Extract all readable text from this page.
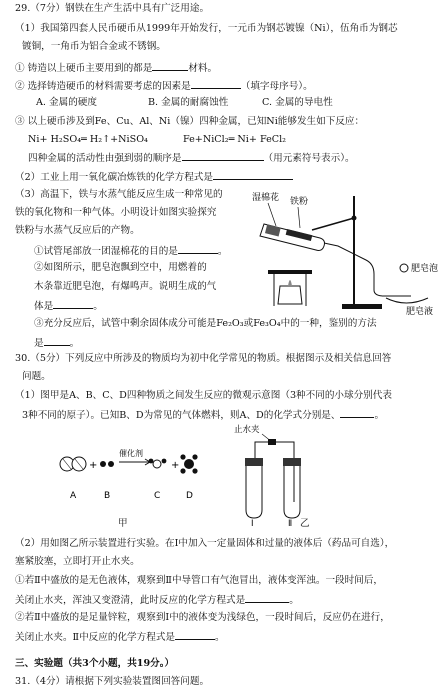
29.（7分）钢铁在生产生活中具有广泛用途。
（1）我国第四套人民币硬币从1999年开始发行，一元币为钢芯镀镍（Ni），伍角币为钢芯
镀铜，一角币为铝合金或不锈钢。
① 铸造以上硬币主要用到的都是	材料。
② 选择铸造硬币的材料需要考虑的因素是	（填字母序号）。
A. 金属的硬度	B. 金属的耐腐蚀性	C. 金属的导电性
③ 以上硬币涉及到Fe、Cu、Al、Ni（镍）四种金属，已知Ni能够发生如下反应：
Ni+ H₂SO₄═ H₂↑+NiSO₄	Fe+NiCl₂═ Ni+ FeCl₂
四种金属的活动性由强到弱的顺序是	（用元素符号表示）。
（2）工业上用一氧化碳冶炼铁的化学方程式是
（3）高温下，铁与水蒸气能反应生成一种常见的
铁的氧化物和一种气体。小明设计如图实验探究
铁粉与水蒸气反应后的产物。
①试管尾部放一团湿棉花的目的是	。
②如图所示，肥皂泡飘到空中，用燃着的
木条靠近肥皂泡，有爆鸣声。说明生成的气
体是	。
③充分反应后，试管中剩余固体成分可能是Fe₂O₃或Fe₃O₄中的一种，鉴别的方法
是	。
湿棉花 铁粉
肥皂泡
肥皂液
30.（5分）下列反应中所涉及的物质均为初中化学常见的物质。根据图示及相关信息回答
问题。
（1）图甲是A、B、C、D四种物质之间发生反应的微观示意图（3种不同的小球分别代表
3种不同的原子）。已知B、D为常见的气体燃料，则A、D的化学式分别是、	。
+
催化剂
+
A	B	C	D
甲
止水夹
Ⅰ	Ⅱ 乙
（2）用如图乙所示装置进行实验。在Ⅰ中加入一定量固体和过量的液体后（药品可自选），
塞紧胶塞，立即打开止水夹。
①若Ⅱ中盛放的是无色液体，观察到Ⅱ中导管口有气泡冒出，液体变浑浊。一段时间后，
关闭止水夹，浑浊又变澄清，此时反应的化学方程式是	。
②若Ⅱ中盛放的是足量锌粒，观察到Ⅰ中的液体变为浅绿色，一段时间后，反应仍在进行，
关闭止水夹。Ⅱ中反应的化学方程式是	。
三、实验题（共3个小题，共19分。）
31.（4分）请根据下列实验装置图回答问题。
